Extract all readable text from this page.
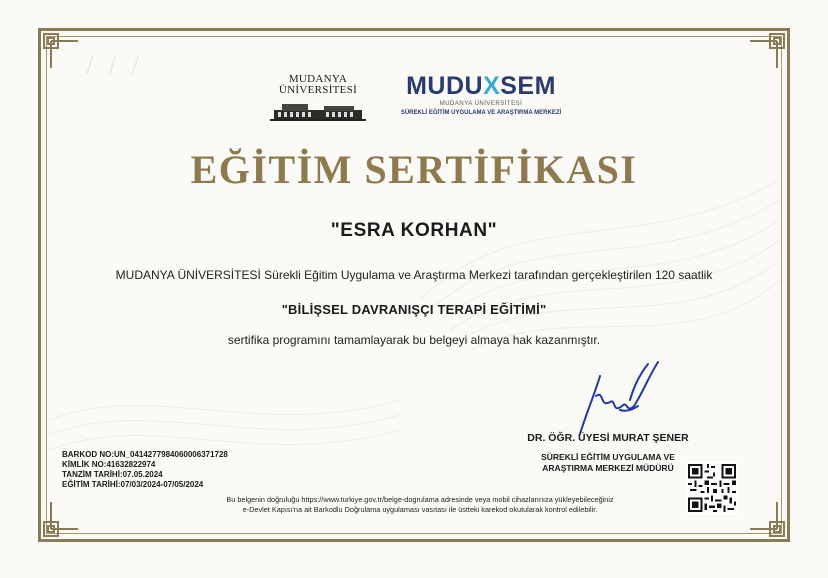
/ / /	MUDANYA
ÜNİVERSİTESİ	MUDU X SEM
MUDANYA ÜNİVERSİTESİ
SÜREKLİ EĞİTİM UYGULAMA VE ARAŞTIRMA MERKEZİ
EĞİTİM SERTİFİKASI
"ESRA KORHAN"
MUDANYA ÜNİVERSİTESİ Sürekli Eğitim Uygulama ve Araştırma Merkezi tarafından gerçekleştirilen 120 saatlik
"BİLİŞSEL DAVRANIŞÇI TERAPİ EĞİTİMİ"
sertifika programını tamamlayarak bu belgeyi almaya hak kazanmıştır.
DR. ÖĞR. ÜYESİ MURAT ŞENER
SÜREKLİ EĞİTİM UYGULAMA VE
ARAŞTIRMA MERKEZİ MÜDÜRÜ
BARKOD NO:UN_0414277984060006371728
KİMLİK NO:41632822974
TANZİM TARİHİ:07.05.2024
EĞİTİM TARİHİ:07/03/2024-07/05/2024
Bu belgenin doğruluğu https://www.turkiye.gov.tr/belge-dogrulama adresinde veya mobil cihazlarınıza yükleyebileceğiniz
e-Devlet Kapısı'na ait Barkodlu Doğrulama uygulaması vasıtası ile üstteki karekod okutularak kontrol edilebilir.
